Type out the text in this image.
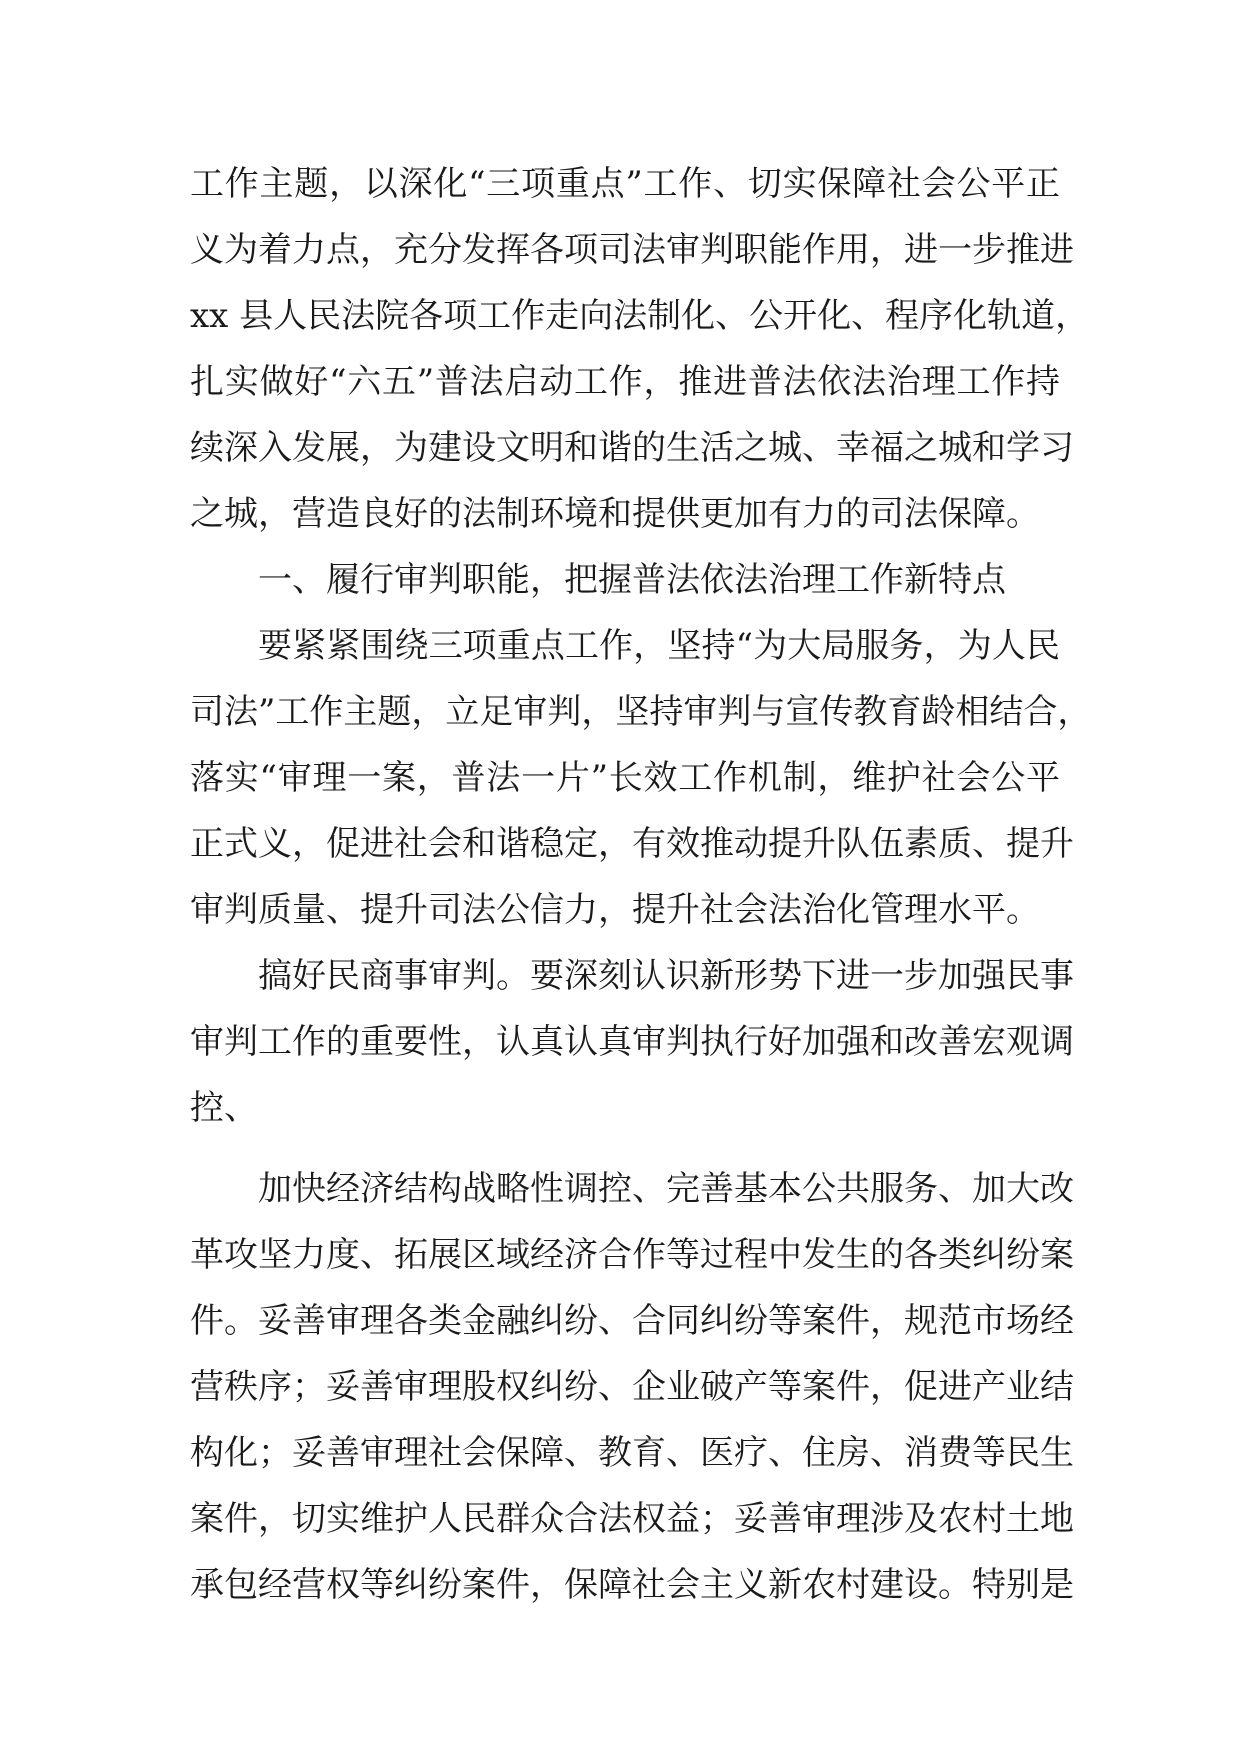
工作主题，以深化“三项重点”工作、切实保障社会公平正
义为着力点，充分发挥各项司法审判职能作用，进一步推进
xx 县人民法院各项工作走向法制化、公开化、程序化轨道，
扎实做好“六五”普法启动工作，推进普法依法治理工作持
续深入发展，为建设文明和谐的生活之城、幸福之城和学习
之城，营造良好的法制环境和提供更加有力的司法保障。
一、履行审判职能，把握普法依法治理工作新特点
要紧紧围绕三项重点工作，坚持“为大局服务，为人民
司法”工作主题，立足审判，坚持审判与宣传教育龄相结合，
落实“审理一案，普法一片”长效工作机制，维护社会公平
正式义，促进社会和谐稳定，有效推动提升队伍素质、提升
审判质量、提升司法公信力，提升社会法治化管理水平。
搞好民商事审判。要深刻认识新形势下进一步加强民事
审判工作的重要性，认真认真审判执行好加强和改善宏观调
控、
加快经济结构战略性调控、完善基本公共服务、加大改
革攻坚力度、拓展区域经济合作等过程中发生的各类纠纷案
件。妥善审理各类金融纠纷、合同纠纷等案件，规范市场经
营秩序；妥善审理股权纠纷、企业破产等案件，促进产业结
构化；妥善审理社会保障、教育、医疗、住房、消费等民生
案件，切实维护人民群众合法权益；妥善审理涉及农村土地
承包经营权等纠纷案件，保障社会主义新农村建设。特别是
